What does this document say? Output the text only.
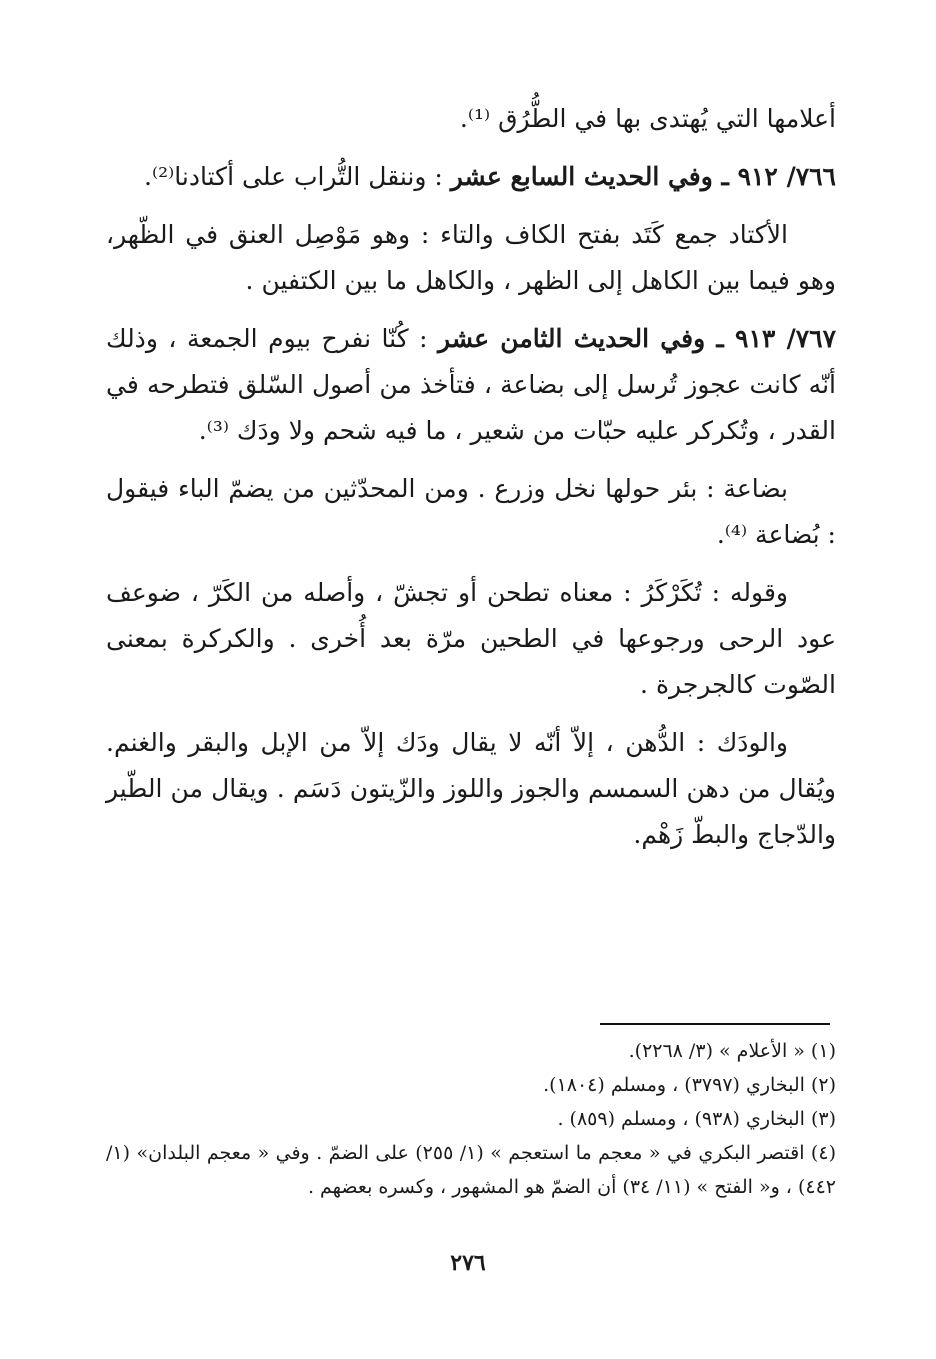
أعلامها التي يُهتدى بها في الطُّرُق ⁽¹⁾.

٧٦٦/ ٩١٢ ـ وفي الحديث السابع عشر : وننقل التُّراب على أكتادنا⁽²⁾.

الأكتاد جمع كَتَد بفتح الكاف والتاء : وهو مَوْصِل العنق في الظّهر، وهو فيما بين الكاهل إلى الظهر ، والكاهل ما بين الكتفين .

٧٦٧/ ٩١٣ ـ وفي الحديث الثامن عشر : كُنّا نفرح بيوم الجمعة ، وذلك أنّه كانت عجوز تُرسل إلى بضاعة ، فتأخذ من أصول السّلق فتطرحه في القدر ، وتُكركر عليه حبّات من شعير ، ما فيه شحم ولا ودَك ⁽³⁾.

بضاعة : بئر حولها نخل وزرع . ومن المحدّثين من يضمّ الباء فيقول : بُضاعة ⁽⁴⁾.

وقوله : تُكَرْكَرُ : معناه تطحن أو تجشّ ، وأصله من الكَرّ ، ضوعف عود الرحى ورجوعها في الطحين مرّة بعد أُخرى . والكركرة بمعنى الصّوت كالجرجرة .

والودَك : الدُّهن ، إلاّ أنّه لا يقال ودَك إلاّ من الإبل والبقر والغنم. ويُقال من دهن السمسم والجوز واللوز والزّيتون دَسَم . ويقال من الطّير والدّجاج والبطّ زَهْم.

(١) « الأعلام » (٣/ ٢٢٦٨).

(٢) البخاري (٣٧٩٧) ، ومسلم (١٨٠٤).

(٣) البخاري (٩٣٨) ، ومسلم (٨٥٩) .

(٤) اقتصر البكري في « معجم ما استعجم » (١/ ٢٥٥) على الضمّ . وفي « معجم البلدان» (١/ ٤٤٢) ، و« الفتح » (١١/ ٣٤) أن الضمّ هو المشهور ، وكسره بعضهم .

٢٧٦
